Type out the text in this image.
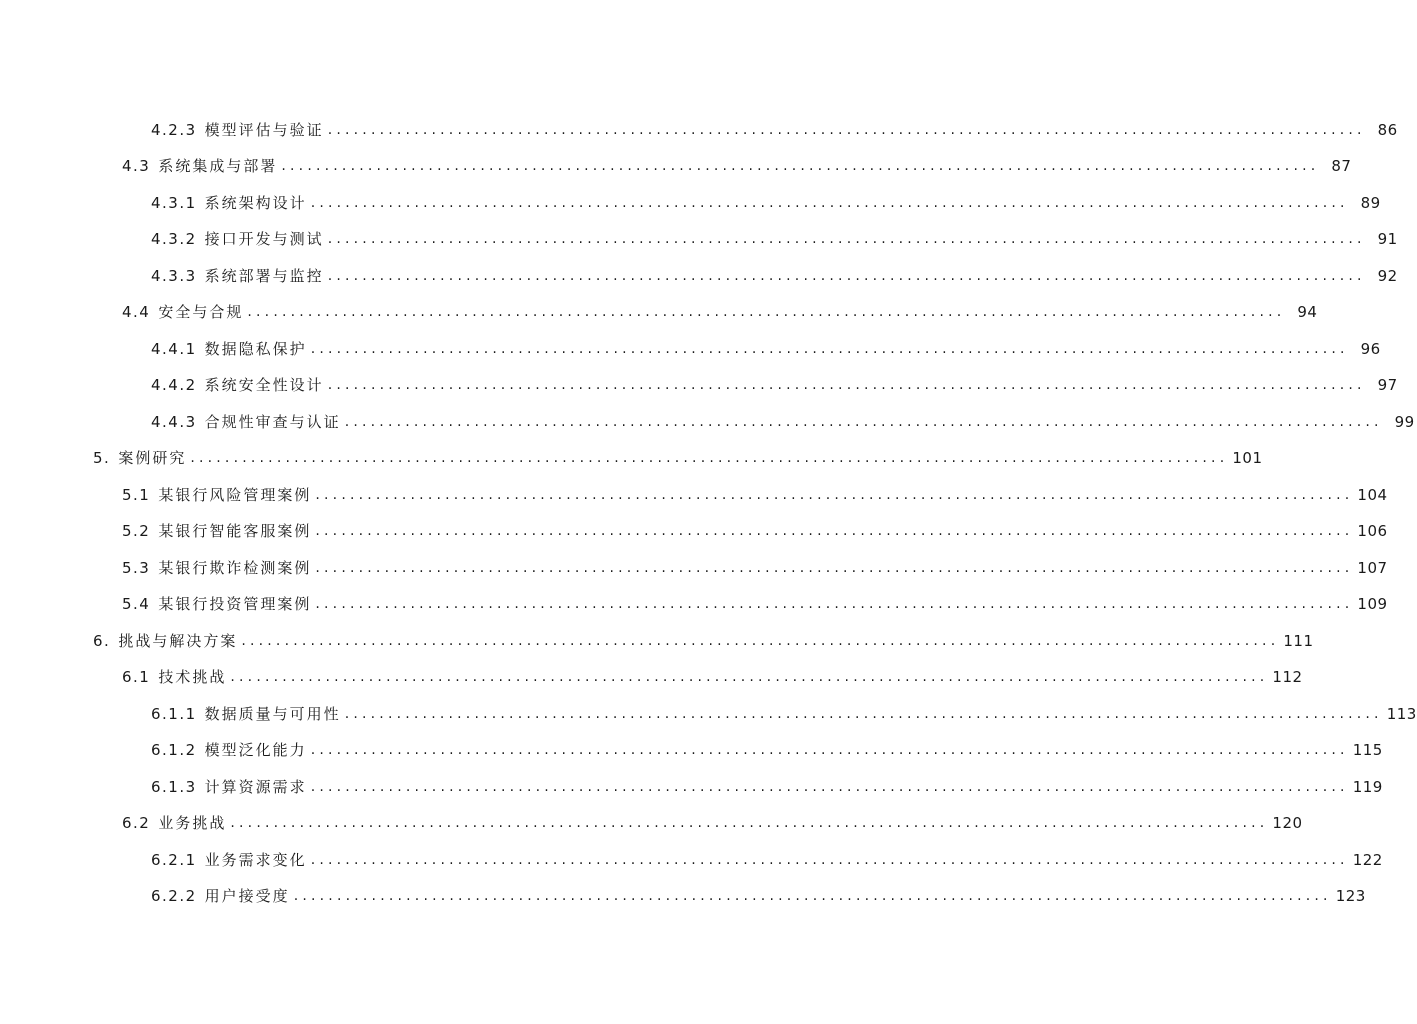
4.2.3 模型评估与验证 ........................................................................................................................ 86
4.3 系统集成与部署 ........................................................................................................................ 87
4.3.1 系统架构设计 ........................................................................................................................ 89
4.3.2 接口开发与测试 ........................................................................................................................ 91
4.3.3 系统部署与监控 ........................................................................................................................ 92
4.4 安全与合规 ........................................................................................................................ 94
4.4.1 数据隐私保护 ........................................................................................................................ 96
4.4.2 系统安全性设计 ........................................................................................................................ 97
4.4.3 合规性审查与认证 ........................................................................................................................ 99
5. 案例研究 ........................................................................................................................ 101
5.1 某银行风险管理案例 ........................................................................................................................ 104
5.2 某银行智能客服案例 ........................................................................................................................ 106
5.3 某银行欺诈检测案例 ........................................................................................................................ 107
5.4 某银行投资管理案例 ........................................................................................................................ 109
6. 挑战与解决方案 ........................................................................................................................ 111
6.1 技术挑战 ........................................................................................................................ 112
6.1.1 数据质量与可用性 ........................................................................................................................ 113
6.1.2 模型泛化能力 ........................................................................................................................ 115
6.1.3 计算资源需求 ........................................................................................................................ 119
6.2 业务挑战 ........................................................................................................................ 120
6.2.1 业务需求变化 ........................................................................................................................ 122
6.2.2 用户接受度 ........................................................................................................................ 123
